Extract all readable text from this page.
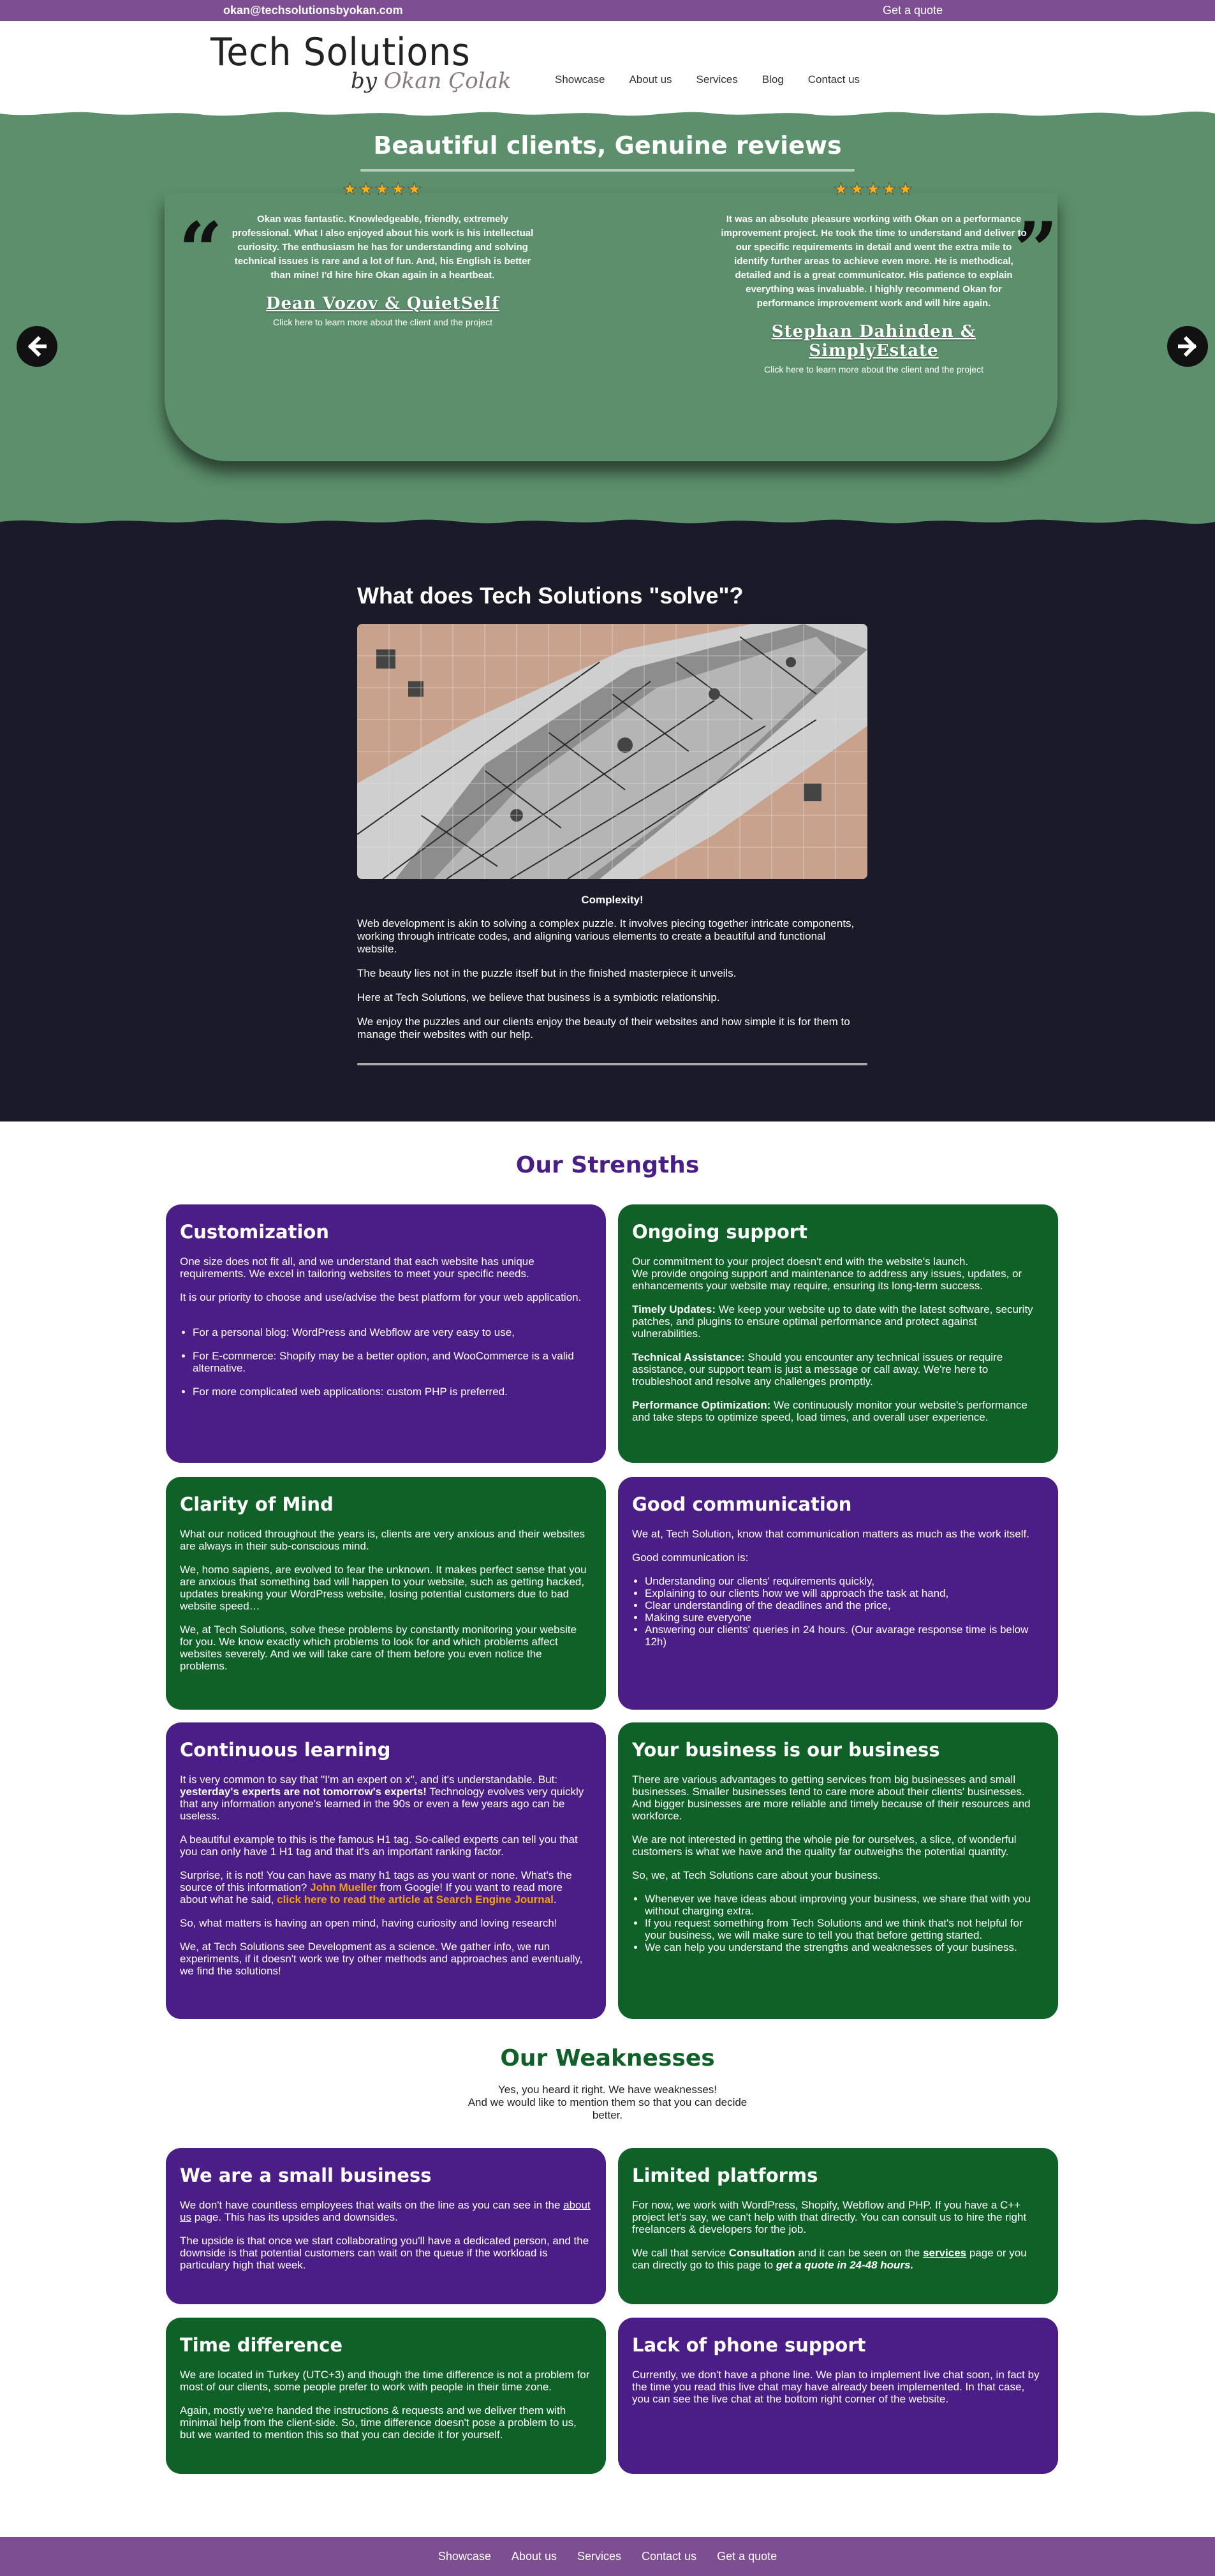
okan@techsolutionsbyokan.com	Get a quote
Tech Solutions
by Okan Çolak	Showcase About us Services Blog Contact us
Beautiful clients, Genuine reviews
“	”
★★★★★

Okan was fantastic. Knowledgeable, friendly, extremely professional. What I also enjoyed about his work is his intellectual curiosity. The enthusiasm he has for understanding and solving technical issues is rare and a lot of fun. And, his English is better than mine! I'd hire hire Okan again in a heartbeat.

Dean Vozov & QuietSelf
Click here to learn more about the client and the project
★★★★★

It was an absolute pleasure working with Okan on a performance improvement project. He took the time to understand and deliver to our specific requirements in detail and went the extra mile to identify further areas to achieve even more. He is methodical, detailed and is a great communicator. His patience to explain everything was invaluable. I highly recommend Okan for performance improvement work and will hire again.

Stephan Dahinden & SimplyEstate
Click here to learn more about the client and the project
What does Tech Solutions "solve"?
Complexity!

Web development is akin to solving a complex puzzle. It involves piecing together intricate components, working through intricate codes, and aligning various elements to create a beautiful and functional website.

The beauty lies not in the puzzle itself but in the finished masterpiece it unveils.

Here at Tech Solutions, we believe that business is a symbiotic relationship.

We enjoy the puzzles and our clients enjoy the beauty of their websites and how simple it is for them to manage their websites with our help.

Our Strengths
Customization

One size does not fit all, and we understand that each website has unique requirements. We excel in tailoring websites to meet your specific needs.

It is our priority to choose and use/advise the best platform for your web application.

• For a personal blog: WordPress and Webflow are very easy to use,
• For E-commerce: Shopify may be a better option, and WooCommerce is a valid alternative.
• For more complicated web applications: custom PHP is preferred.
Ongoing support

Our commitment to your project doesn't end with the website's launch.
We provide ongoing support and maintenance to address any issues, updates, or enhancements your website may require, ensuring its long-term success.

Timely Updates: We keep your website up to date with the latest software, security patches, and plugins to ensure optimal performance and protect against vulnerabilities.

Technical Assistance: Should you encounter any technical issues or require assistance, our support team is just a message or call away. We're here to troubleshoot and resolve any challenges promptly.

Performance Optimization: We continuously monitor your website's performance and take steps to optimize speed, load times, and overall user experience.

Clarity of Mind

What our noticed throughout the years is, clients are very anxious and their websites are always in their sub-conscious mind.

We, homo sapiens, are evolved to fear the unknown. It makes perfect sense that you are anxious that something bad will happen to your website, such as getting hacked, updates breaking your WordPress website, losing potential customers due to bad website speed…

We, at Tech Solutions, solve these problems by constantly monitoring your website for you. We know exactly which problems to look for and which problems affect websites severely. And we will take care of them before you even notice the problems.

Good communication

We at, Tech Solution, know that communication matters as much as the work itself.

Good communication is:

• Understanding our clients' requirements quickly,
• Explaining to our clients how we will approach the task at hand,
• Clear understanding of the deadlines and the price,
• Making sure everyone
• Answering our clients' queries in 24 hours. (Our avarage response time is below 12h)
Continuous learning

It is very common to say that "I'm an expert on x", and it's understandable. But: yesterday's experts are not tomorrow's experts! Technology evolves very quickly that any information anyone's learned in the 90s or even a few years ago can be useless.

A beautiful example to this is the famous H1 tag. So-called experts can tell you that you can only have 1 H1 tag and that it's an important ranking factor.

Surprise, it is not! You can have as many h1 tags as you want or none. What's the source of this information? John Mueller from Google! If you want to read more about what he said, click here to read the article at Search Engine Journal.

So, what matters is having an open mind, having curiosity and loving research!

We, at Tech Solutions see Development as a science. We gather info, we run experiments, if it doesn't work we try other methods and approaches and eventually, we find the solutions!

Your business is our business

There are various advantages to getting services from big businesses and small businesses. Smaller businesses tend to care more about their clients' businesses. And bigger businesses are more reliable and timely because of their resources and workforce.

We are not interested in getting the whole pie for ourselves, a slice, of wonderful customers is what we have and the quality far outweighs the potential quantity.

So, we, at Tech Solutions care about your business.

• Whenever we have ideas about improving your business, we share that with you without charging extra.
• If you request something from Tech Solutions and we think that's not helpful for your business, we will make sure to tell you that before getting started.
• We can help you understand the strengths and weaknesses of your business.
Our Weaknesses
Yes, you heard it right. We have weaknesses!
And we would like to mention them so that you can decide better.
We are a small business

We don't have countless employees that waits on the line as you can see in the about us page. This has its upsides and downsides.

The upside is that once we start collaborating you'll have a dedicated person, and the downside is that potential customers can wait on the queue if the workload is particulary high that week.

Limited platforms

For now, we work with WordPress, Shopify, Webflow and PHP. If you have a C++ project let's say, we can't help with that directly. You can consult us to hire the right freelancers & developers for the job.

We call that service Consultation and it can be seen on the services page or you can directly go to this page to get a quote in 24-48 hours.

Time difference

We are located in Turkey (UTC+3) and though the time difference is not a problem for most of our clients, some people prefer to work with people in their time zone.

Again, mostly we're handed the instructions & requests and we deliver them with minimal help from the client-side. So, time difference doesn't pose a problem to us, but we wanted to mention this so that you can decide it for yourself.

Lack of phone support

Currently, we don't have a phone line. We plan to implement live chat soon, in fact by the time you read this live chat may have already been implemented. In that case, you can see the live chat at the bottom right corner of the website.

Showcase About us Services Contact us Get a quote
